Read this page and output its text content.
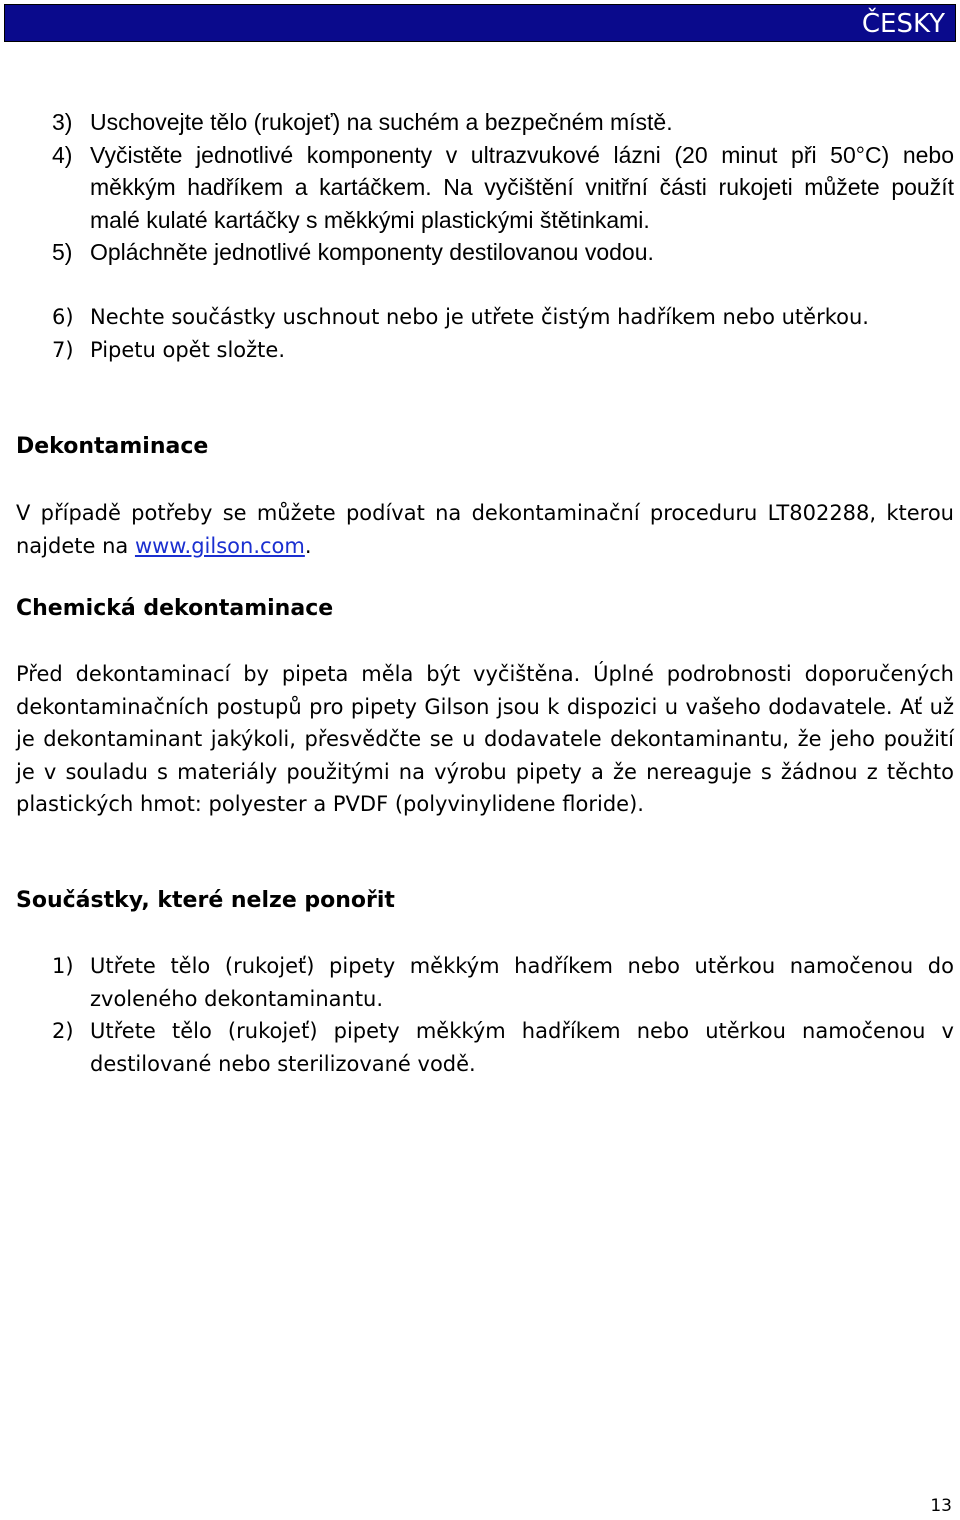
ČESKY
3) Uschovejte tělo (rukojeť) na suchém a bezpečném místě.
4) Vyčistěte jednotlivé komponenty v ultrazvukové lázni (20 minut při 50°C) nebo měkkým hadříkem a kartáčkem. Na vyčištění vnitřní části rukojeti můžete použít malé kulaté kartáčky s měkkými plastickými štětinkami.
5) Opláchněte jednotlivé komponenty destilovanou vodou.
6) Nechte součástky uschnout nebo je utřete čistým hadříkem nebo utěrkou.
7) Pipetu opět složte.
Dekontaminace

V případě potřeby se můžete podívat na dekontaminační proceduru LT802288, kterou najdete na www.gilson.com.

Chemická dekontaminace

Před dekontaminací by pipeta měla být vyčištěna. Úplné podrobnosti doporučených dekontaminačních postupů pro pipety Gilson jsou k dispozici u vašeho dodavatele. Ať už je dekontaminant jakýkoli, přesvědčte se u dodavatele dekontaminantu, že jeho použití je v souladu s materiály použitými na výrobu pipety a že nereaguje s žádnou z těchto plastických hmot: polyester a PVDF (polyvinylidene floride).

Součástky, které nelze ponořit
1) Utřete tělo (rukojeť) pipety měkkým hadříkem nebo utěrkou namočenou do zvoleného dekontaminantu.
2) Utřete tělo (rukojeť) pipety měkkým hadříkem nebo utěrkou namočenou v destilované nebo sterilizované vodě.
13
